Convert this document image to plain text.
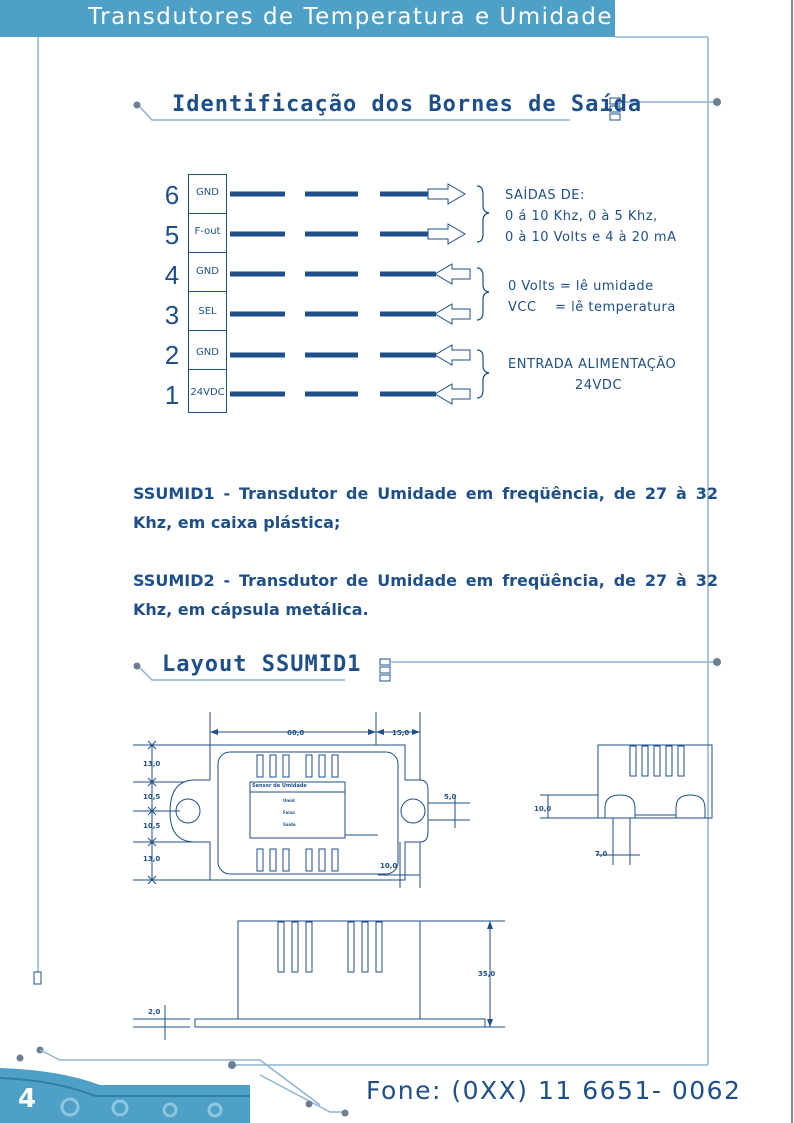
Transdutores de Temperatura e Umidade
Identificação dos Bornes de Saída
6
5
4
3
2
1
GND
F-out
GND
SEL
GND
24VDC
SAÍDAS DE:
0 á 10 Khz, 0 à 5 Khz,
0 à 10 Volts e 4 à 20 mA
0 Volts = lê umidade
VCC    = lê temperatura
ENTRADA ALIMENTAÇÃO
24VDC
SSUMID1 - Transdutor de Umidade em freqüência, de 27 à 32 Khz, em caixa plástica;
SSUMID2 - Transdutor de Umidade em freqüência, de 27 à 32 Khz, em cápsula metálica.
Layout SSUMID1
60,0	15,0
13,0
10,5
10,5
13,0
5,0
10,0
10,0
7,0
35,0
2,0
Sensor de Umidade
Umid
Faixa
Saida
4	Fone: (0XX) 11 6651- 0062
